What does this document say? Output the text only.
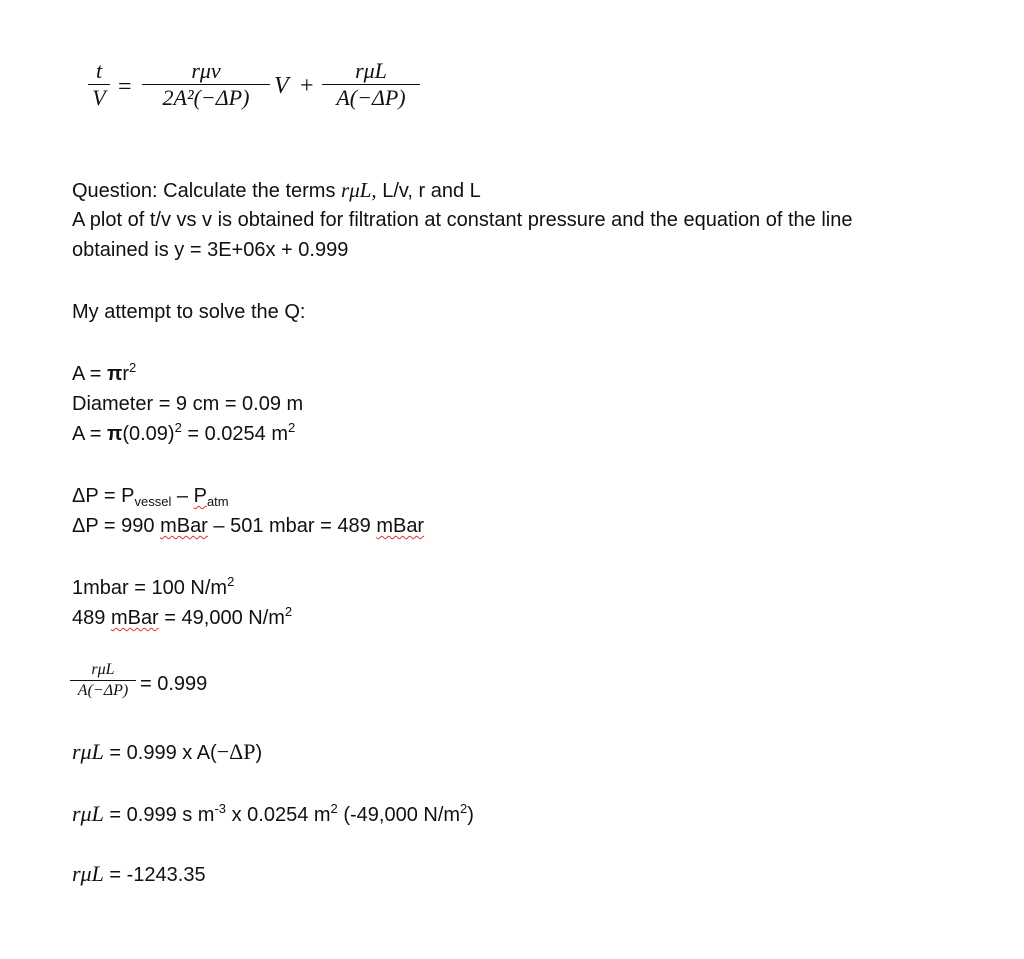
t
V =
rμv
2A²(−ΔP)	V +
rμL
A(−ΔP)
Question: Calculate the terms rμL, L/v, r and L
A plot of t/v vs v is obtained for filtration at constant pressure and the equation of the line
obtained is y = 3E+06x + 0.999
My attempt to solve the Q:
$A = \pi r^2$
Diameter = 9 cm = 0.09 m
$A = \pi(0.09)^2 = 0.0254$ $m^2$
$\Delta P = P_{vessel} - P_{atm}$
ΔP = 990 mBar – 501 mbar = 489 mBar
1mbar = 100 $N/m^2$
489 mBar = 49,000 $N/m^2$
rμL
A(−ΔP) = 0.999
rμL = 0.999 x A(−ΔP)
rμL = 0.999 s $m^{-3}$ x 0.0254 $m^2$ (-49,000 $N/m^2$)
rμL = -1243.35
